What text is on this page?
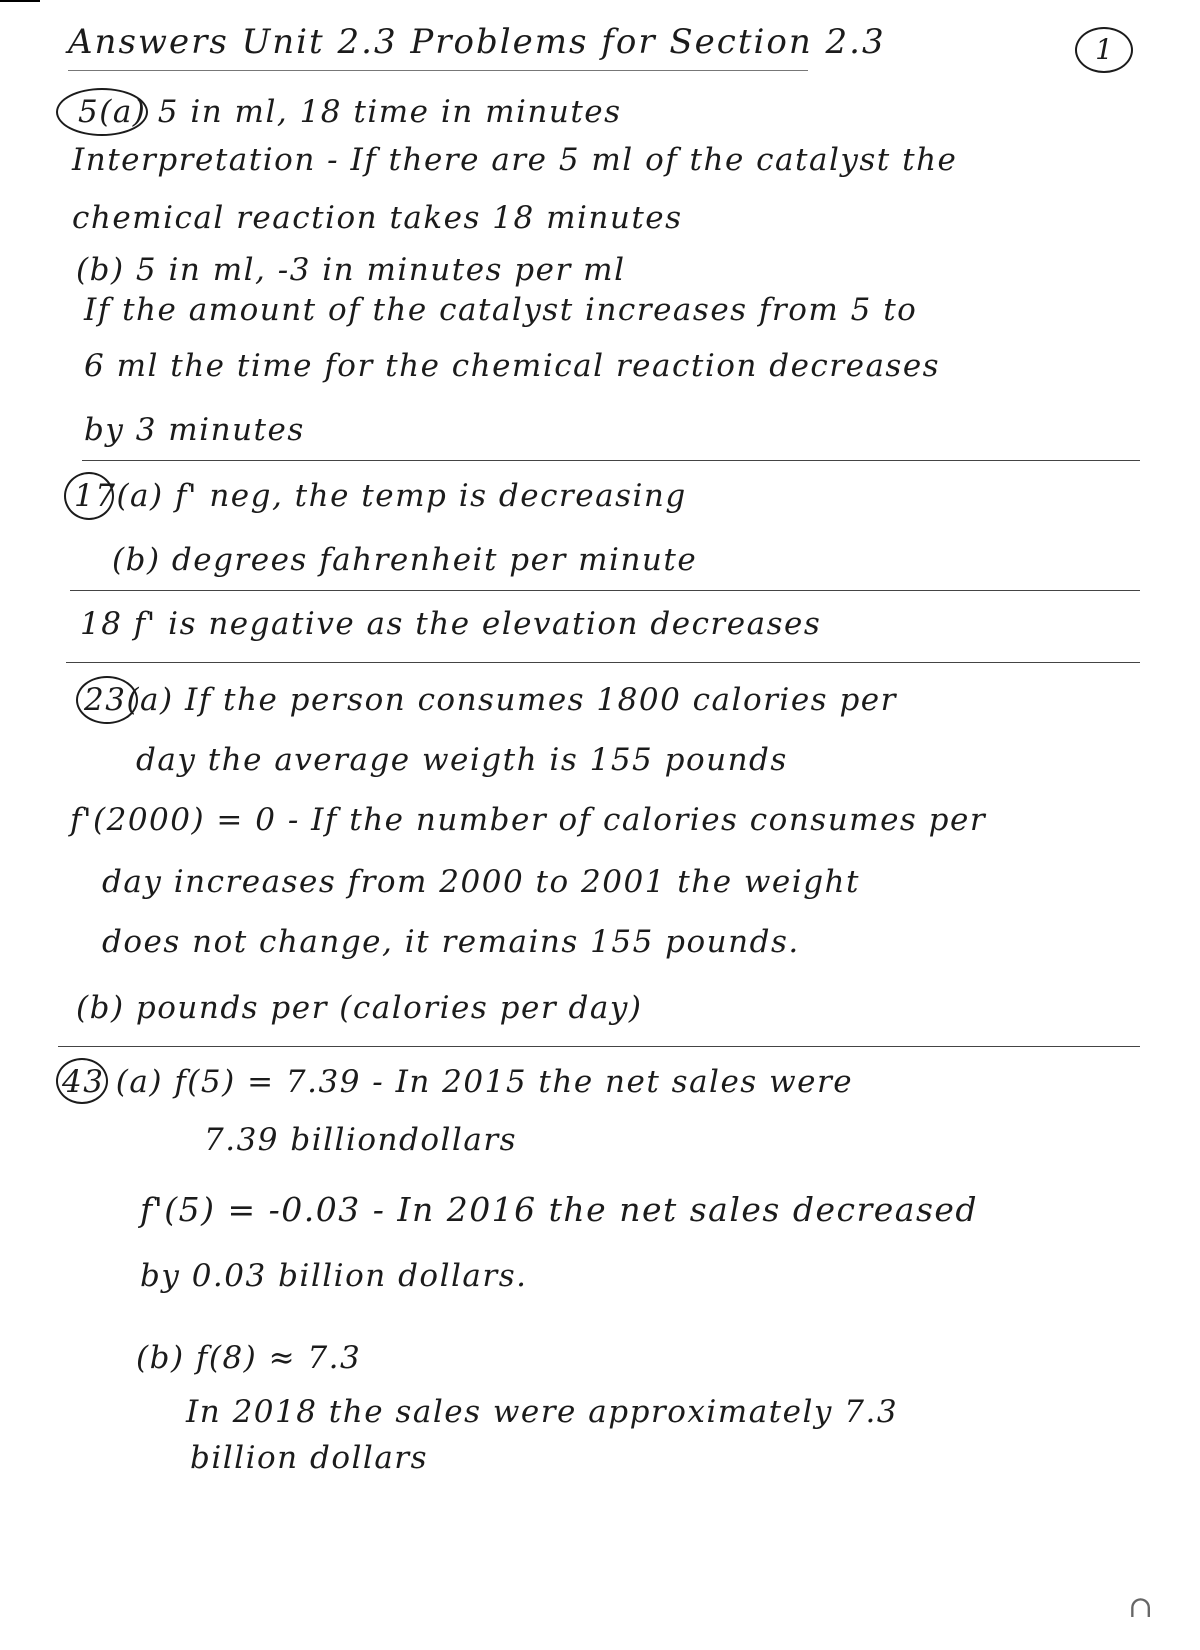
Answers Unit 2.3 Problems for Section 2.3	1
5(a) 5 in ml, 18 time in minutes
Interpretation - If there are 5 ml of the catalyst the
chemical reaction takes 18 minutes
(b) 5 in ml, -3 in minutes per ml
If the amount of the catalyst increases from 5 to
6 ml the time for the chemical reaction decreases
by 3 minutes
17(a) f' neg, the temp is decreasing
(b) degrees fahrenheit per minute
18 f' is negative as the elevation decreases
23(a) If the person consumes 1800 calories per
day the average weigth is 155 pounds
f'(2000) = 0 - If the number of calories consumes per
day increases from 2000 to 2001 the weight
does not change, it remains 155 pounds.
(b) pounds per (calories per day)
43 (a) f(5) = 7.39 - In 2015 the net sales were
7.39 billiondollars
f'(5) = -0.03 - In 2016 the net sales decreased
by 0.03 billion dollars.
(b) f(8) ≈ 7.3
In 2018 the sales were approximately 7.3
billion dollars
∩
